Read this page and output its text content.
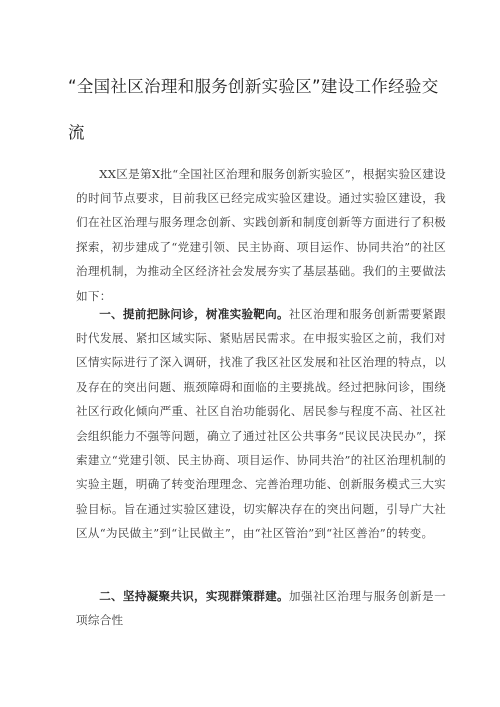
“全国社区治理和服务创新实验区”建设工作经验交流

XX区是第X批“全国社区治理和服务创新实验区”，根据实验区建设的时间节点要求，目前我区已经完成实验区建设。通过实验区建设，我们在社区治理与服务理念创新、实践创新和制度创新等方面进行了积极探索，初步建成了“党建引领、民主协商、项目运作、协同共治”的社区治理机制，为推动全区经济社会发展夯实了基层基础。我们的主要做法如下：

一、提前把脉问诊，树准实验靶向。社区治理和服务创新需要紧跟时代发展、紧扣区域实际、紧贴居民需求。在申报实验区之前，我们对区情实际进行了深入调研，找准了我区社区发展和社区治理的特点，以及存在的突出问题、瓶颈障碍和面临的主要挑战。经过把脉问诊，围绕社区行政化倾向严重、社区自治功能弱化、居民参与程度不高、社区社会组织能力不强等问题，确立了通过社区公共事务“民议民决民办”，探索建立“党建引领、民主协商、项目运作、协同共治”的社区治理机制的实验主题，明确了转变治理理念、完善治理功能、创新服务模式三大实验目标。旨在通过实验区建设，切实解决存在的突出问题，引导广大社区从“为民做主”到“让民做主”，由“社区管治”到“社区善治”的转变。

二、坚持凝聚共识，实现群策群建。加强社区治理与服务创新是一项综合性
